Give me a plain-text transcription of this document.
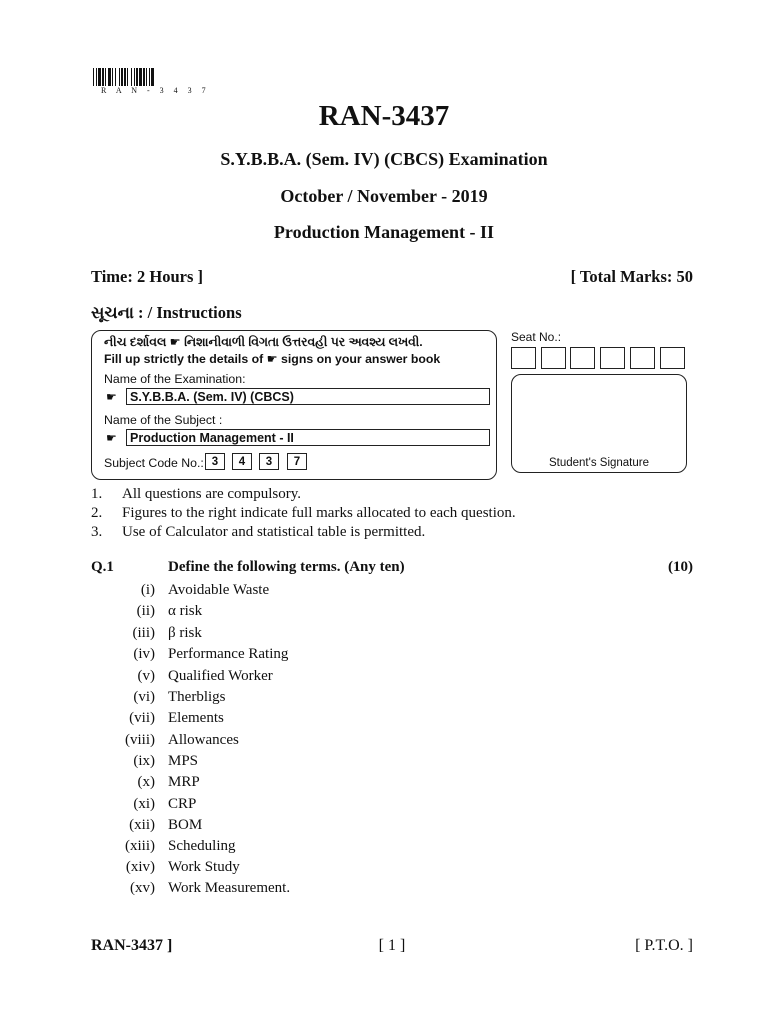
R A N - 3 4 3 7
RAN-3437
S.Y.B.B.A. (Sem. IV) (CBCS) Examination
October / November - 2019
Production Management - II
Time: 2 Hours ]	[ Total Marks: 50
સૂચના : / Instructions
નીચ દર્શાવલ ☛ નિશાનીવાળી વિગતા ઉત્તરવહી પર અવશ્ય લખવી.
Fill up strictly the details of ☛ signs on your answer book
Name of the Examination:
☛	S.Y.B.B.A. (Sem. IV) (CBCS)
Name of the Subject :
☛	Production Management - II
Subject Code No.: 3	4	3	7
Seat No.:
Student's Signature
1. All questions are compulsory.
2. Figures to the right indicate full marks allocated to each question.
3. Use of Calculator and statistical table is permitted.
Q.1	Define the following terms. (Any ten)	(10)
(i) Avoidable Waste
(ii) α risk
(iii) β risk
(iv) Performance Rating
(v) Qualified Worker
(vi) Therbligs
(vii) Elements
(viii) Allowances
(ix) MPS
(x) MRP
(xi) CRP
(xii) BOM
(xiii) Scheduling
(xiv) Work Study
(xv) Work Measurement.
RAN-3437 ]	[ 1 ]	[ P.T.O. ]
